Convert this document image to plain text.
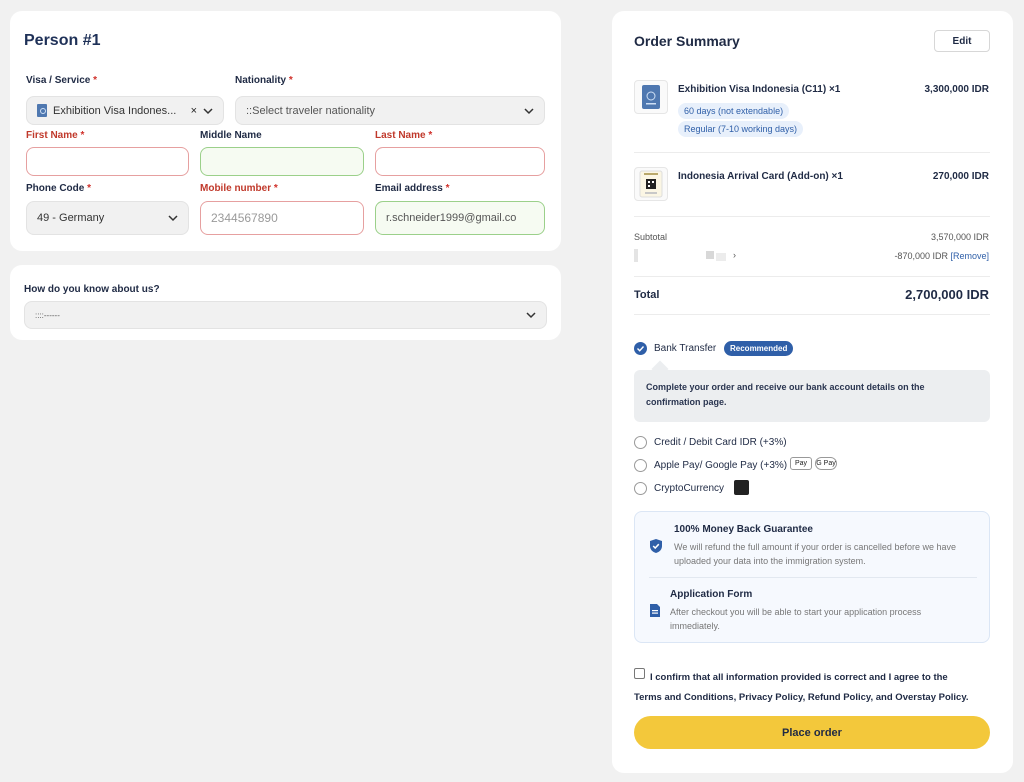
Person #1
Visa / Service *
Exhibition Visa Indones...	×
Nationality *
::Select traveler nationality
First Name *	Middle Name	Last Name *
Phone Code *
49 - Germany
Mobile number *
2344567890
Email address *
r.schneider1999@gmail.co
How do you know about us?
::::------
Order Summary	Edit
Exhibition Visa Indonesia (C11) ×1	3,300,000 IDR
60 days (not extendable)
Regular (7-10 working days)
Indonesia Arrival Card (Add-on) ×1	270,000 IDR
Subtotal	3,570,000 IDR
›	-870,000 IDR [Remove]
Total	2,700,000 IDR
Bank Transfer	Recommended
Complete your order and receive our bank account details on the confirmation page.
Credit / Debit Card IDR (+3%)
Apple Pay/ Google Pay (+3%) Pay G Pay
CryptoCurrency
100% Money Back Guarantee
We will refund the full amount if your order is cancelled before we have uploaded your data into the immigration system.
Application Form
After checkout you will be able to start your application process immediately.
I confirm that all information provided is correct and I agree to the
Terms and Conditions, Privacy Policy, Refund Policy, and Overstay Policy.
Place order
